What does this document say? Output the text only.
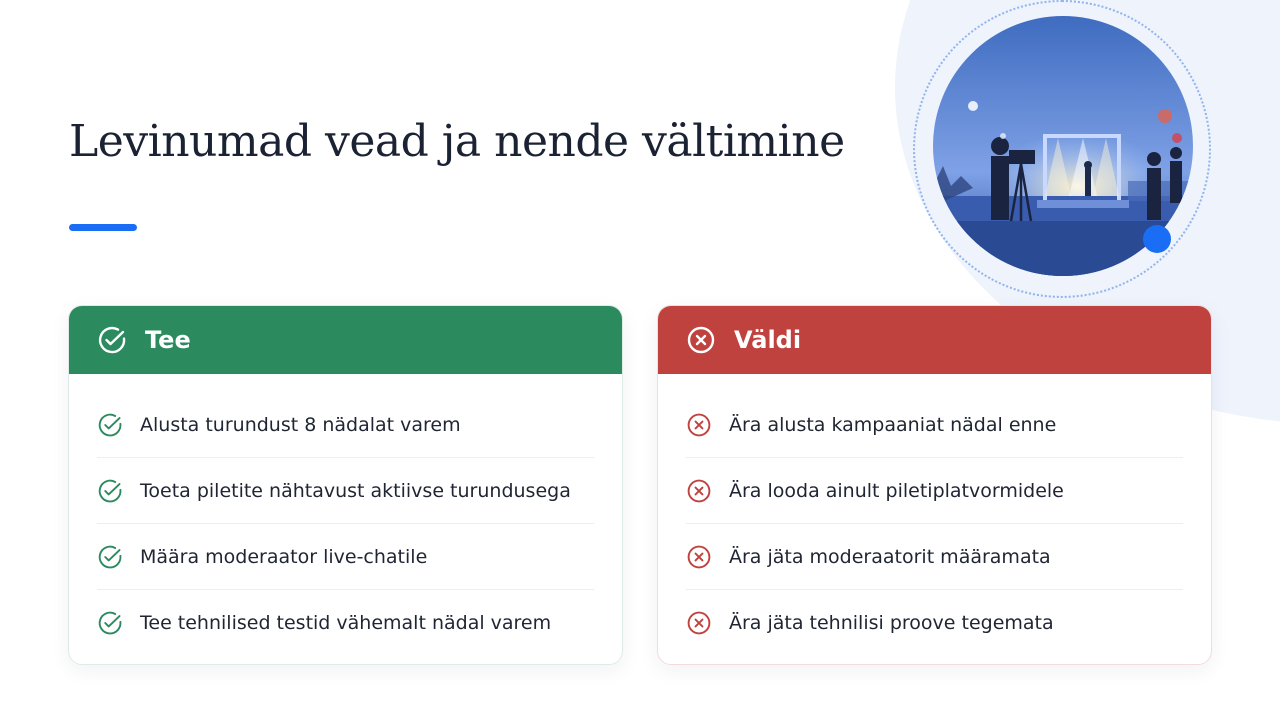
Levinumad vead ja nende vältimine
Tee
Alusta turundust 8 nädalat varem
Toeta piletite nähtavust aktiivse turundusega
Määra moderaator live-chatile
Tee tehnilised testid vähemalt nädal varem
Väldi
Ära alusta kampaaniat nädal enne
Ära looda ainult piletiplatvormidele
Ära jäta moderaatorit määramata
Ära jäta tehnilisi proove tegemata
